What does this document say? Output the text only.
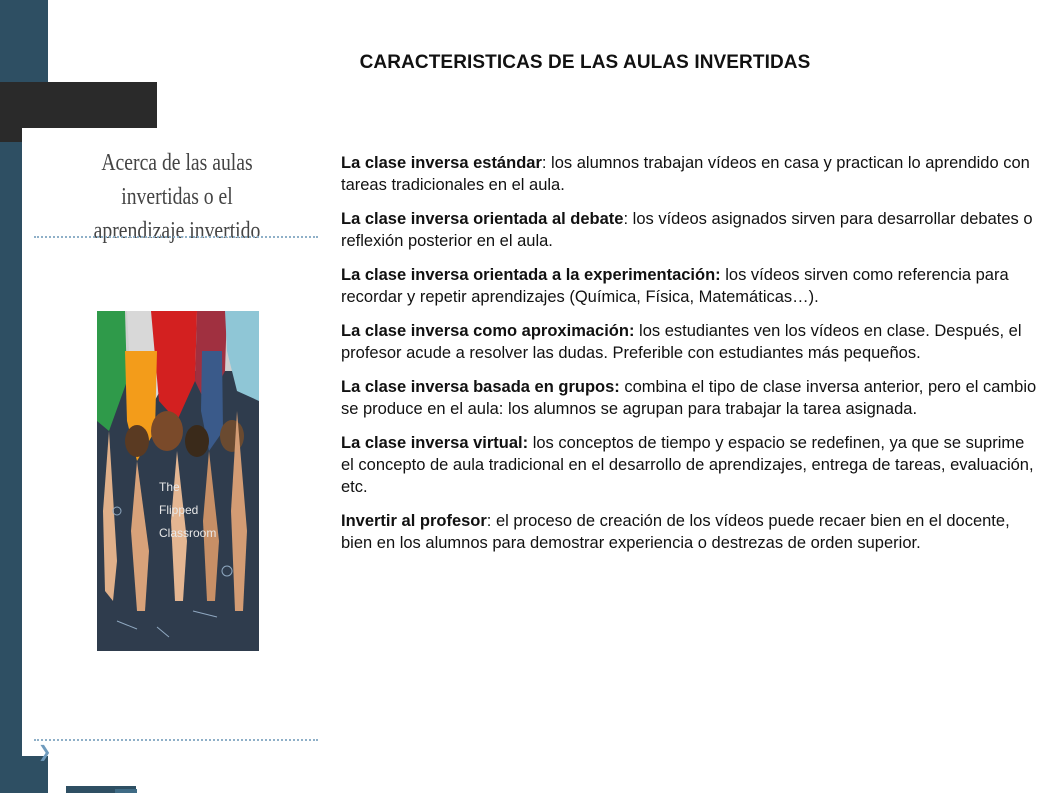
CARACTERISTICAS DE LAS AULAS INVERTIDAS
Acerca de las aulas invertidas o el aprendizaje invertido
The
Flipped
Classroom
❯

La clase inversa estándar: los alumnos trabajan vídeos en casa y practican lo aprendido con tareas tradicionales en el aula.

La clase inversa orientada al debate: los vídeos asignados sirven para desarrollar debates o reflexión posterior en el aula.

La clase inversa orientada a la experimentación: los vídeos sirven como referencia para recordar y repetir aprendizajes (Química, Física, Matemáticas…).

La clase inversa como aproximación: los estudiantes ven los vídeos en clase. Después, el profesor acude a resolver las dudas. Preferible con estudiantes más pequeños.

La clase inversa basada en grupos: combina el tipo de clase inversa anterior, pero el cambio se produce en el aula: los alumnos se agrupan para trabajar la tarea asignada.

La clase inversa virtual: los conceptos de tiempo y espacio se redefinen, ya que se suprime el concepto de aula tradicional en el desarrollo de aprendizajes, entrega de tareas, evaluación, etc.

Invertir al profesor: el proceso de creación de los vídeos puede recaer bien en el docente, bien en los alumnos para demostrar experiencia o destrezas de orden superior.
